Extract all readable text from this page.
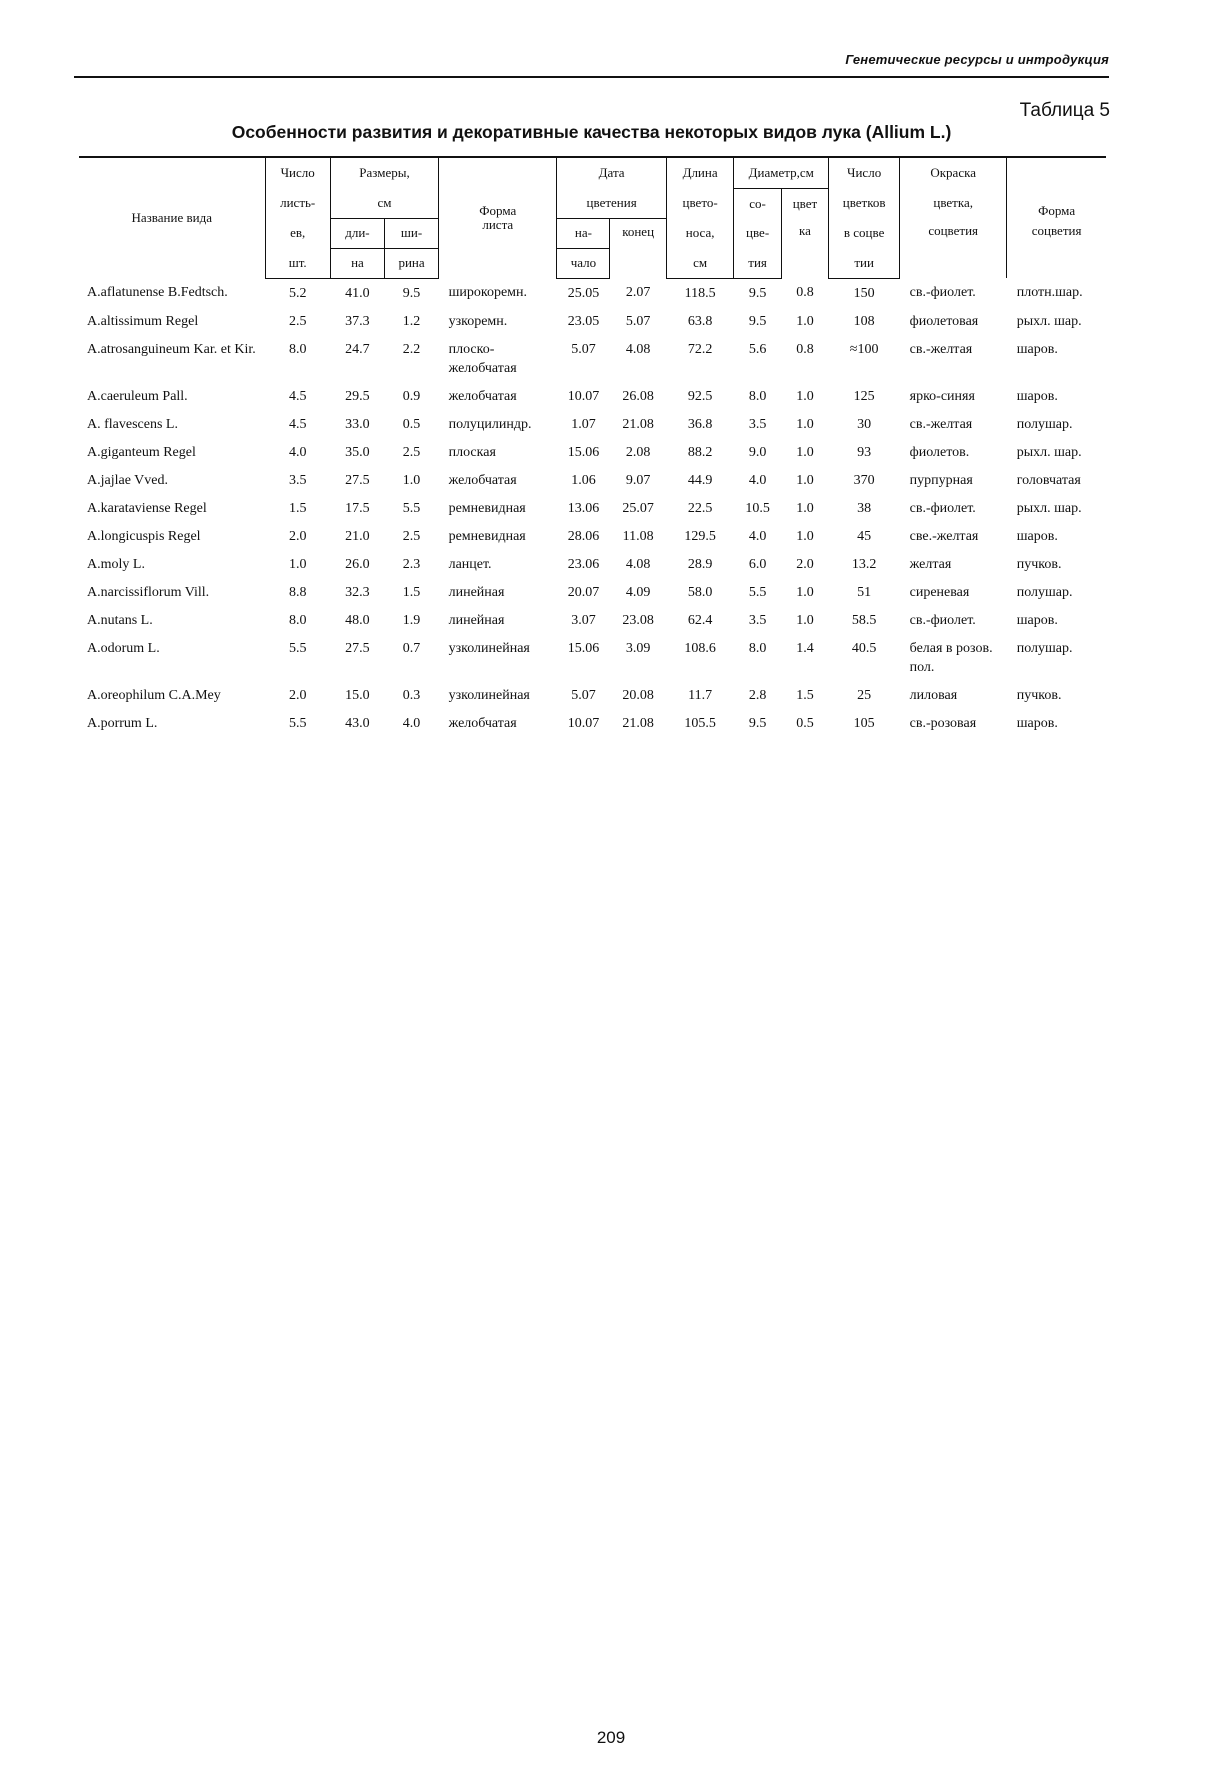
Генетические ресурсы и интродукция
Таблица 5
Особенности развития и декоративные качества некоторых видов лука (Allium L.)
Название вида	Число	Размеры,		Форма	Дата		Длина	Диаметр,см		Число	Окраска	Форма
	листь-	см			цветения		цвето-	со-	цвет	цветков	цветка,	
	ев,	дли-	ши-	листа	на-	конец	носа,	цве-	ка	в соцве	соцветия	соцветия
	шт.	на	рина		чало		см	тия		тии		
A.aflatunense B.Fedtsch.	5.2	41.0	9.5	широкоремн.	25.05	2.07	118.5	9.5	0.8	150	св.-фиолет.	плотн.шар.
A.altissimum Regel	2.5	37.3	1.2	узкоремн.	23.05	5.07	63.8	9.5	1.0	108	фиолетовая	рыхл. шар.
A.atrosanguineum Kar. et Kir.	8.0	24.7	2.2	плоско-желобчатая	5.07	4.08	72.2	5.6	0.8	≈100	св.-желтая	шаров.
A.caeruleum Pall.	4.5	29.5	0.9	желобчатая	10.07	26.08	92.5	8.0	1.0	125	ярко-синяя	шаров.
A. flavescens L.	4.5	33.0	0.5	полуцилиндр.	1.07	21.08	36.8	3.5	1.0	30	св.-желтая	полушар.
A.giganteum Regel	4.0	35.0	2.5	плоская	15.06	2.08	88.2	9.0	1.0	93	фиолетов.	рыхл. шар.
A.jajlae Vved.	3.5	27.5	1.0	желобчатая	1.06	9.07	44.9	4.0	1.0	370	пурпурная	головчатая
A.karataviense Regel	1.5	17.5	5.5	ремневидная	13.06	25.07	22.5	10.5	1.0	38	св.-фиолет.	рыхл. шар.
A.longicuspis Regel	2.0	21.0	2.5	ремневидная	28.06	11.08	129.5	4.0	1.0	45	све.-желтая	шаров.
A.moly L.	1.0	26.0	2.3	ланцет.	23.06	4.08	28.9	6.0	2.0	13.2	желтая	пучков.
A.narcissiflorum Vill.	8.8	32.3	1.5	линейная	20.07	4.09	58.0	5.5	1.0	51	сиреневая	полушар.
A.nutans L.	8.0	48.0	1.9	линейная	3.07	23.08	62.4	3.5	1.0	58.5	св.-фиолет.	шаров.
A.odorum L.	5.5	27.5	0.7	узколинейная	15.06	3.09	108.6	8.0	1.4	40.5	белая в розов. пол.	полушар.
A.oreophilum C.A.Mey	2.0	15.0	0.3	узколинейная	5.07	20.08	11.7	2.8	1.5	25	лиловая	пучков.
A.porrum L.	5.5	43.0	4.0	желобчатая	10.07	21.08	105.5	9.5	0.5	105	св.-розовая	шаров.
209
